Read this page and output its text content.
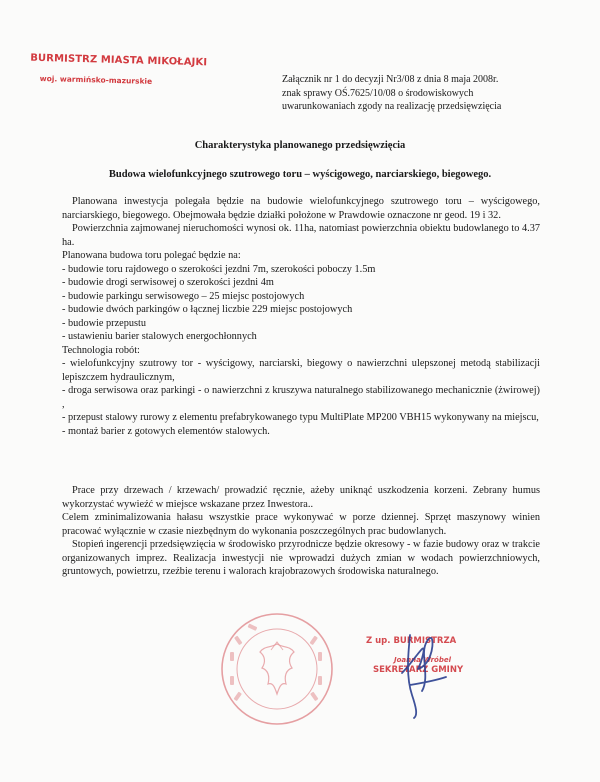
BURMISTRZ MIASTA MIKOŁAJKI
woj. warmińsko-mazurskie	Załącznik nr 1 do decyzji Nr3/08 z dnia 8 maja 2008r.
znak sprawy OŚ.7625/10/08 o środowiskowych
uwarunkowaniach zgody na realizację przedsięwzięcia
Charakterystyka planowanego przedsięwzięcia
Budowa wielofunkcyjnego szutrowego toru – wyścigowego, narciarskiego, biegowego.

Planowana inwestycja polegała będzie na budowie wielofunkcyjnego szutrowego toru – wyścigowego, narciarskiego, biegowego. Obejmowała będzie działki położone w Prawdowie oznaczone nr geod. 19 i 32.

Powierzchnia zajmowanej nieruchomości wynosi ok. 11ha, natomiast powierzchnia obiektu budowlanego to 4.37 ha.

Planowana budowa toru polegać będzie na:

- budowie toru rajdowego o szerokości jezdni 7m, szerokości poboczy 1.5m

- budowie drogi serwisowej o szerokości jezdni 4m

- budowie parkingu serwisowego – 25 miejsc postojowych

- budowie dwóch parkingów o łącznej liczbie 229 miejsc postojowych

- budowie przepustu

- ustawieniu barier stalowych energochłonnych

Technologia robót:

- wielofunkcyjny szutrowy tor - wyścigowy, narciarski, biegowy o nawierzchni ulepszonej metodą stabilizacji lepiszczem hydraulicznym,

- droga serwisowa oraz parkingi - o nawierzchni z kruszywa naturalnego stabilizowanego mechanicznie (żwirowej) ,

- przepust stalowy rurowy z elementu prefabrykowanego typu MultiPlate MP200 VBH15 wykonywany na miejscu,

- montaż barier z gotowych elementów stalowych.

Prace przy drzewach / krzewach/ prowadzić ręcznie, ażeby uniknąć uszkodzenia korzeni. Zebrany humus wykorzystać wywieźć w miejsce wskazane przez Inwestora..

Celem zminimalizowania hałasu wszystkie prace wykonywać w porze dziennej. Sprzęt maszynowy winien pracować wyłącznie w czasie niezbędnym do wykonania poszczególnych prac budowlanych.

Stopień ingerencji przedsięwzięcia w środowisko przyrodnicze będzie okresowy - w fazie budowy oraz w trakcie organizowanych imprez. Realizacja inwestycji nie wprowadzi dużych zmian w wodach powierzchniowych, gruntowych, powietrzu, rzeźbie terenu i walorach krajobrazowych środowiska naturalnego.

Z up. BURMISTRZA
Joanna Wróbel
SEKRETARZ GMINY
